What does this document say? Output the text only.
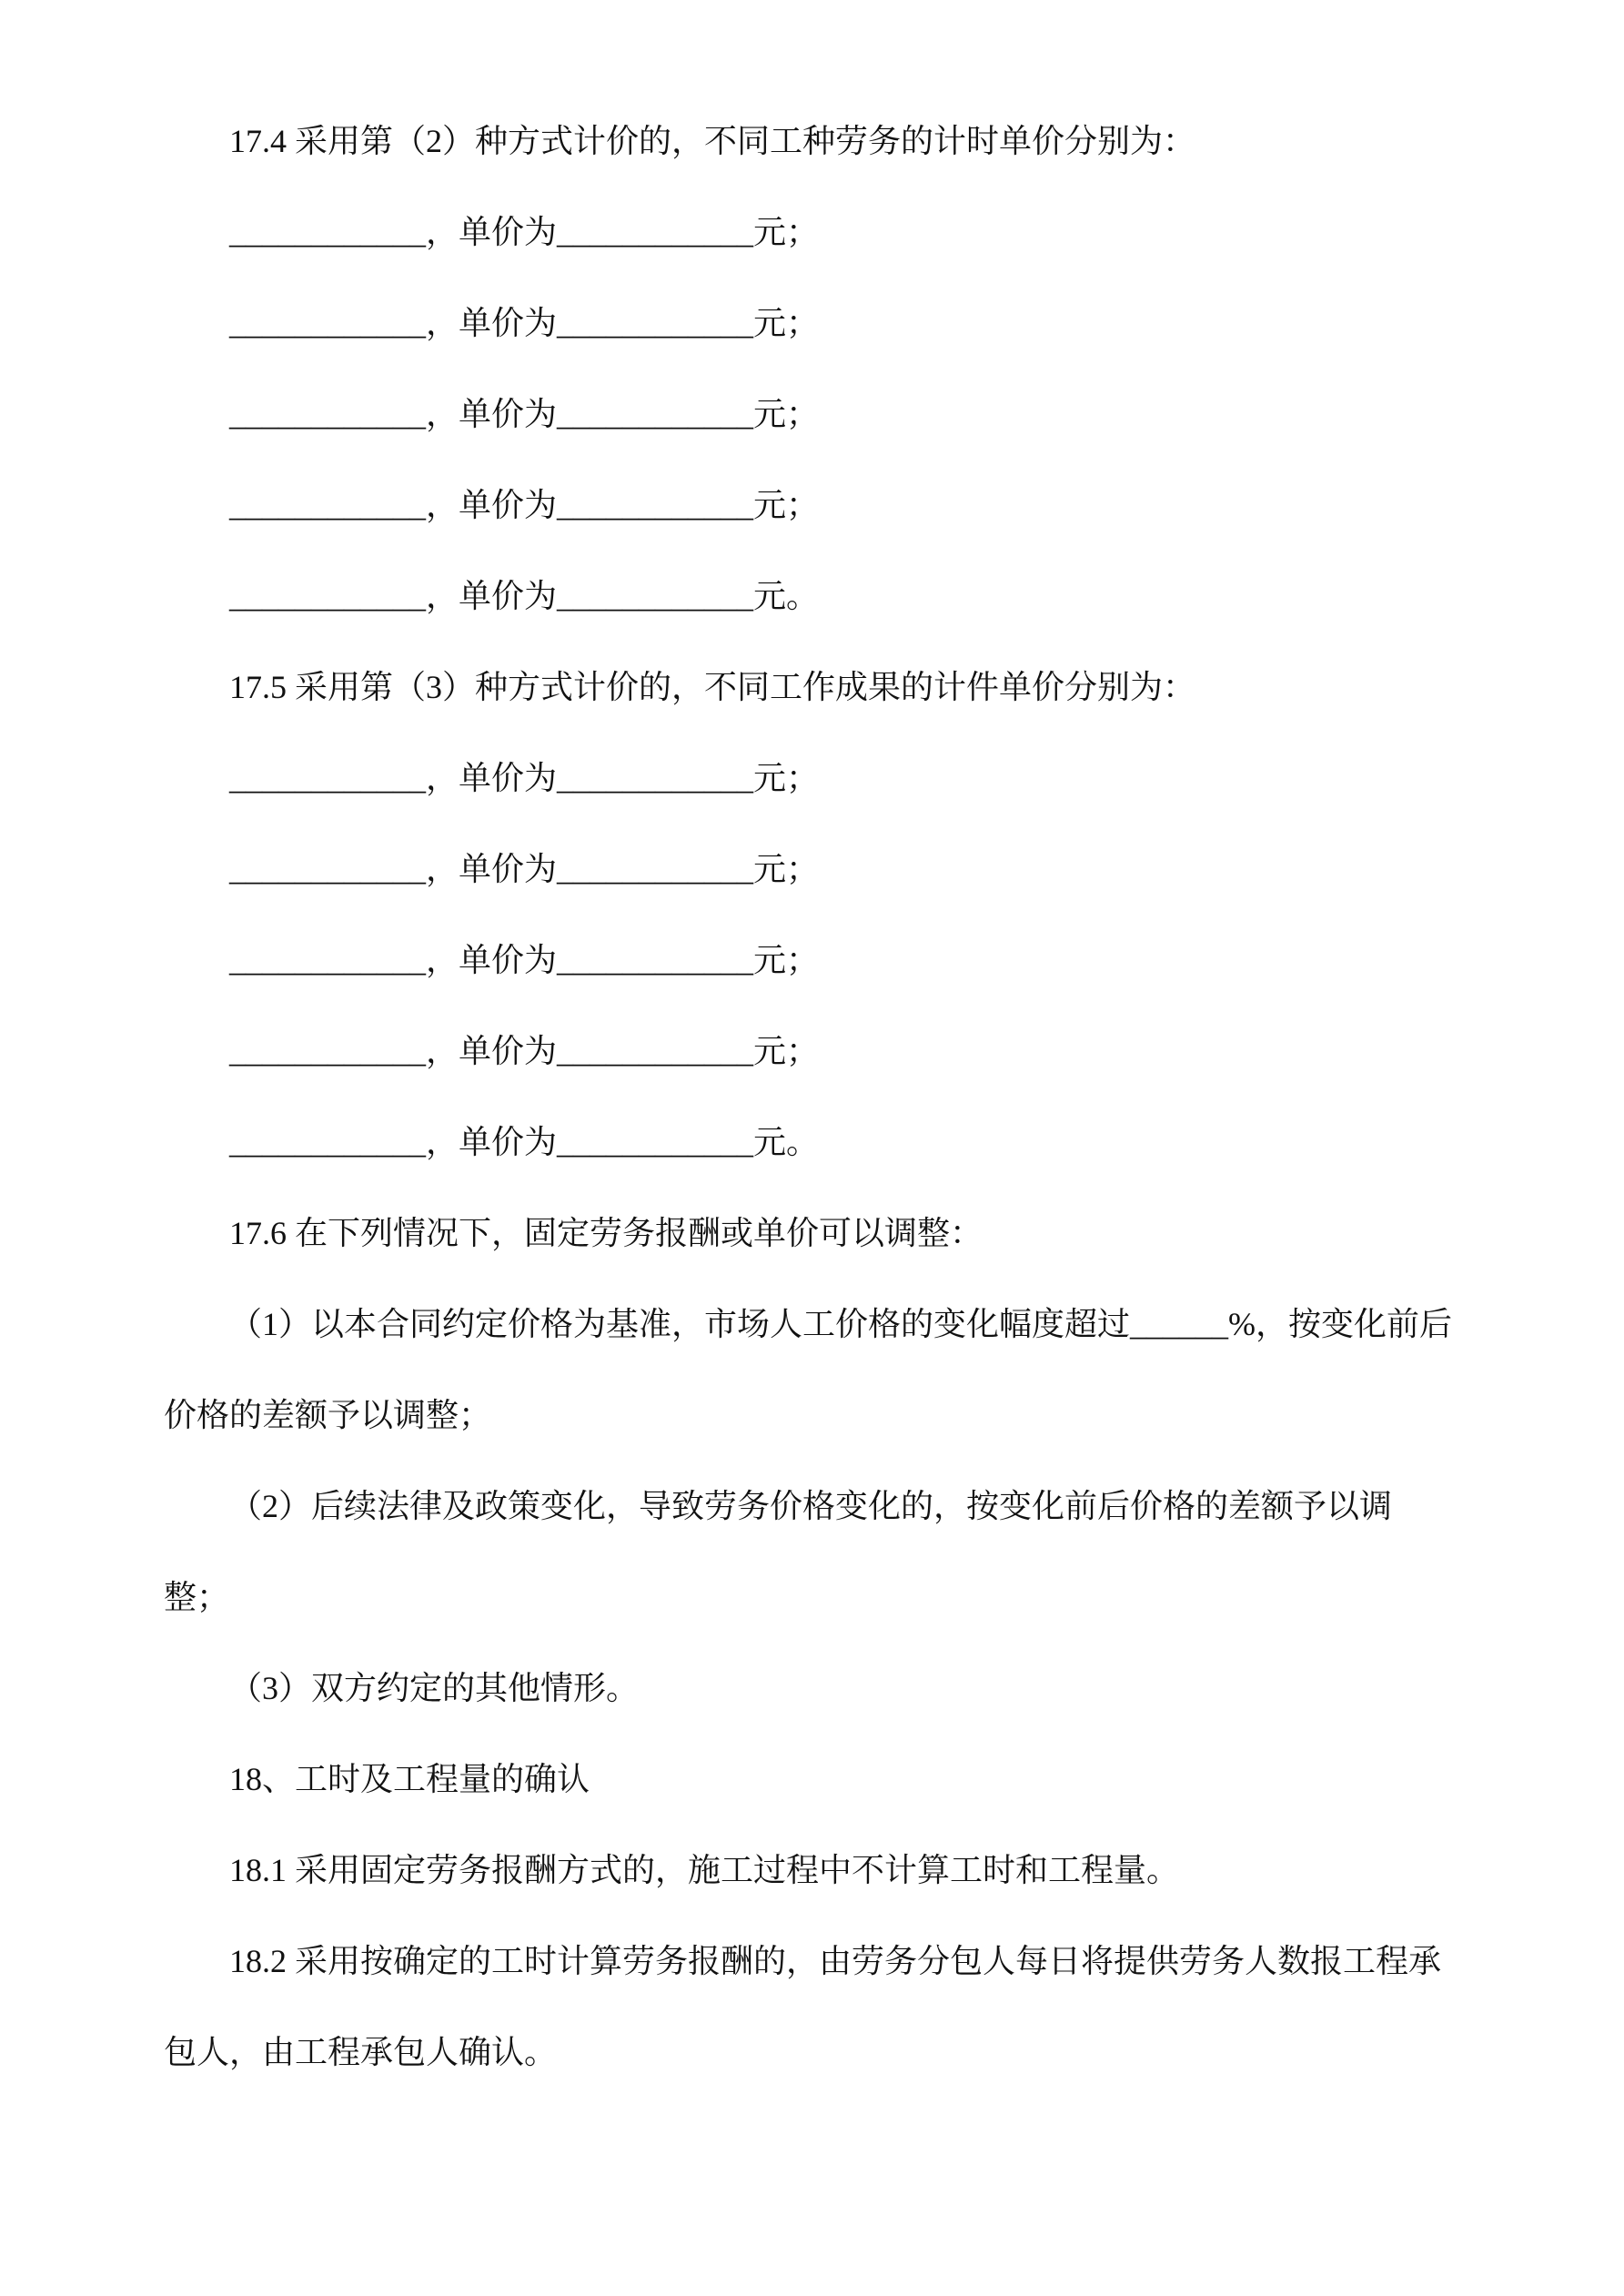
17.4 采用第（2）种方式计价的，不同工种劳务的计时单价分别为：

____________，单价为____________元；

____________，单价为____________元；

____________，单价为____________元；

____________，单价为____________元；

____________，单价为____________元。

17.5 采用第（3）种方式计价的，不同工作成果的计件单价分别为：

____________，单价为____________元；

____________，单价为____________元；

____________，单价为____________元；

____________，单价为____________元；

____________，单价为____________元。

17.6 在下列情况下，固定劳务报酬或单价可以调整：

（1）以本合同约定价格为基准，市场人工价格的变化幅度超过______%，按变化前后价格的差额予以调整；

（2）后续法律及政策变化，导致劳务价格变化的，按变化前后价格的差额予以调整；

（3）双方约定的其他情形。

18、工时及工程量的确认

18.1 采用固定劳务报酬方式的，施工过程中不计算工时和工程量。

18.2 采用按确定的工时计算劳务报酬的，由劳务分包人每日将提供劳务人数报工程承包人，由工程承包人确认。
